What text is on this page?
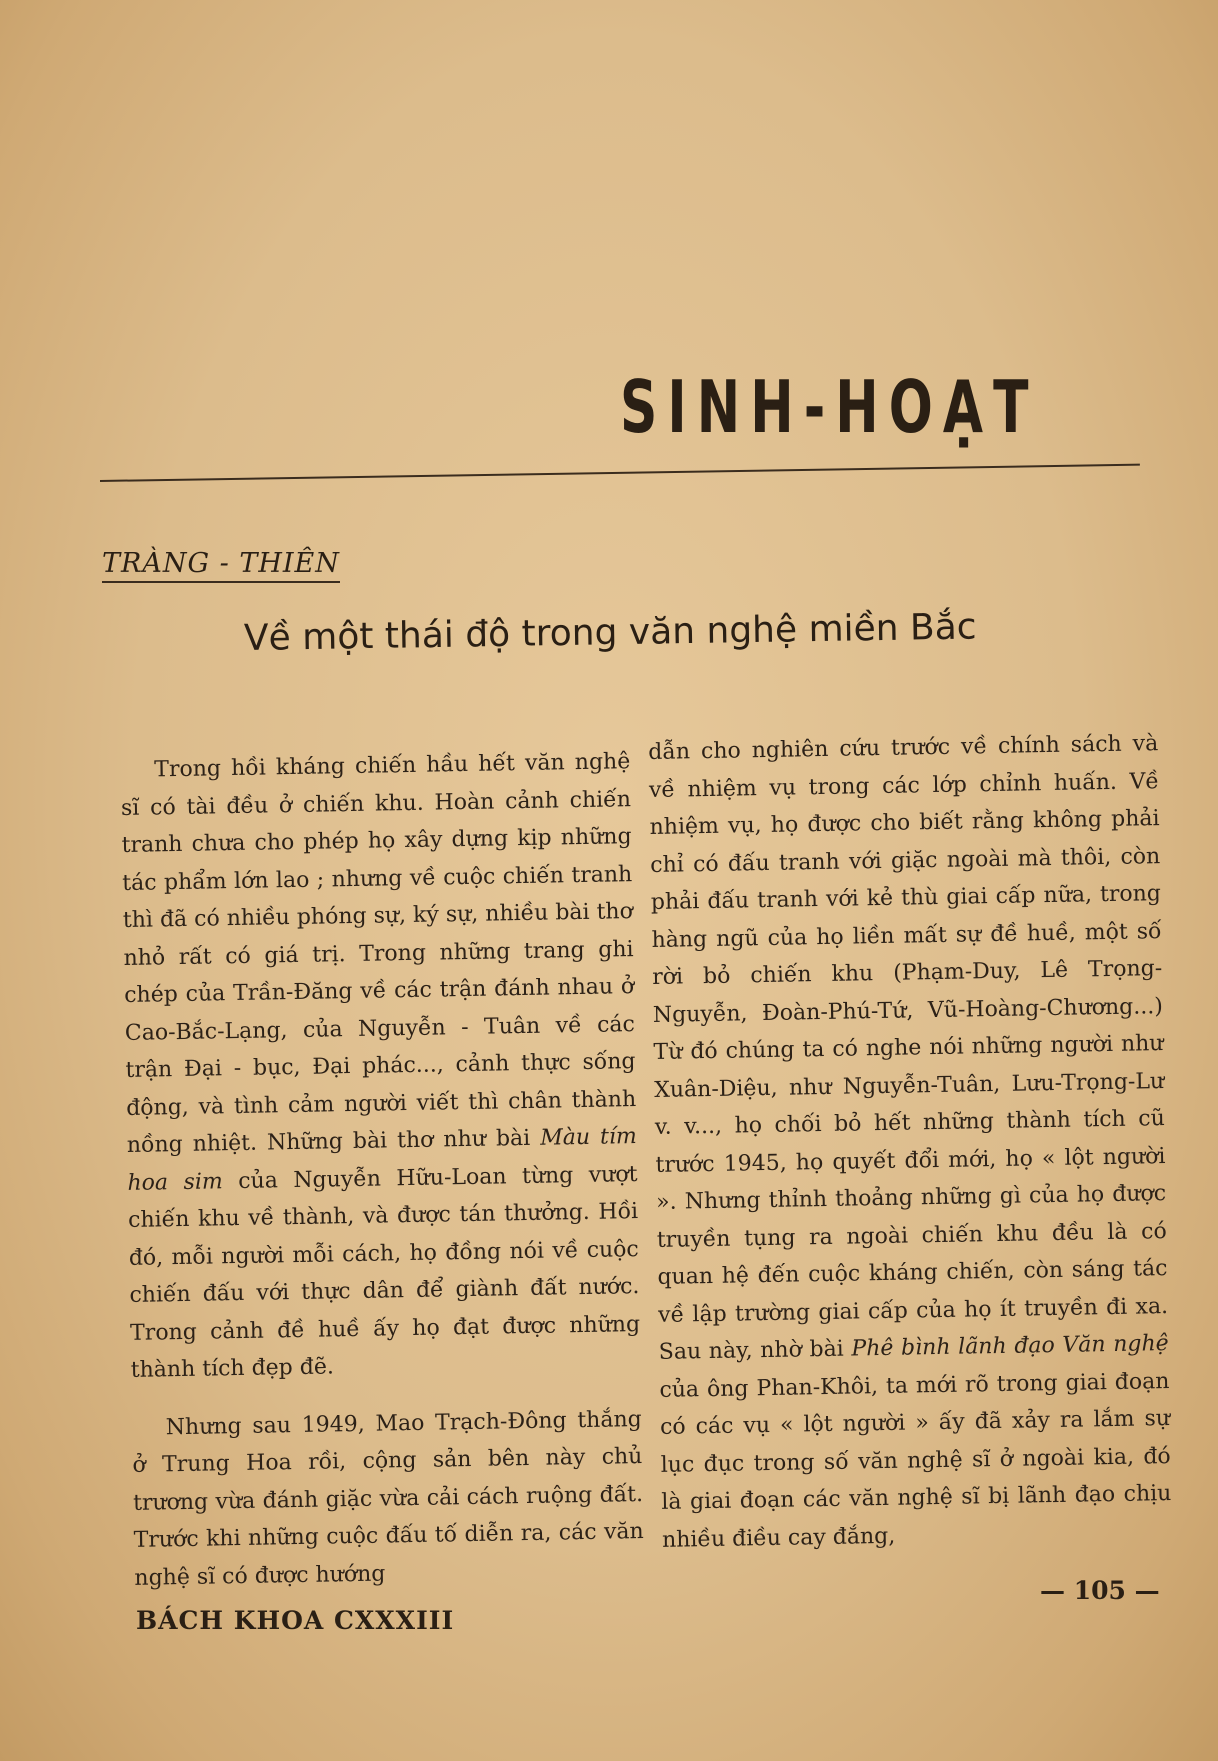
SINH-HOẠT
TRÀNG - THIÊN
Về một thái độ trong văn nghệ miền Bắc

Trong hồi kháng chiến hầu hết văn nghệ sĩ có tài đều ở chiến khu. Hoàn cảnh chiến tranh chưa cho phép họ xây dựng kịp những tác phẩm lớn lao ; nhưng về cuộc chiến tranh thì đã có nhiều phóng sự, ký sự, nhiều bài thơ nhỏ rất có giá trị. Trong những trang ghi chép của Trần-Đăng về các trận đánh nhau ở Cao-Bắc-Lạng, của Nguyễn - Tuân về các trận Đại - bục, Đại phác..., cảnh thực sống động, và tình cảm người viết thì chân thành nồng nhiệt. Những bài thơ như bài Màu tím hoa sim của Nguyễn Hữu-Loan từng vượt chiến khu về thành, và được tán thưởng. Hồi đó, mỗi người mỗi cách, họ đồng nói về cuộc chiến đấu với thực dân để giành đất nước. Trong cảnh đề huề ấy họ đạt được những thành tích đẹp đẽ.

Nhưng sau 1949, Mao Trạch-Đông thắng ở Trung Hoa rồi, cộng sản bên này chủ trương vừa đánh giặc vừa cải cách ruộng đất. Trước khi những cuộc đấu tố diễn ra, các văn nghệ sĩ có được hướng

dẫn cho nghiên cứu trước về chính sách và về nhiệm vụ trong các lớp chỉnh huấn. Về nhiệm vụ, họ được cho biết rằng không phải chỉ có đấu tranh với giặc ngoài mà thôi, còn phải đấu tranh với kẻ thù giai cấp nữa, trong hàng ngũ của họ liền mất sự đề huề, một số rời bỏ chiến khu (Phạm-Duy, Lê Trọng-Nguyễn, Đoàn-Phú-Tứ, Vũ-Hoàng-Chương...) Từ đó chúng ta có nghe nói những người như Xuân-Diệu, như Nguyễn-Tuân, Lưu-Trọng-Lư v. v..., họ chối bỏ hết những thành tích cũ trước 1945, họ quyết đổi mới, họ « lột người ». Nhưng thỉnh thoảng những gì của họ được truyền tụng ra ngoài chiến khu đều là có quan hệ đến cuộc kháng chiến, còn sáng tác về lập trường giai cấp của họ ít truyền đi xa. Sau này, nhờ bài Phê bình lãnh đạo Văn nghệ của ông Phan-Khôi, ta mới rõ trong giai đoạn có các vụ « lột người » ấy đã xảy ra lắm sự lục đục trong số văn nghệ sĩ ở ngoài kia, đó là giai đoạn các văn nghệ sĩ bị lãnh đạo chịu nhiều điều cay đắng,

— 105 —
BÁCH KHOA CXXXIII
